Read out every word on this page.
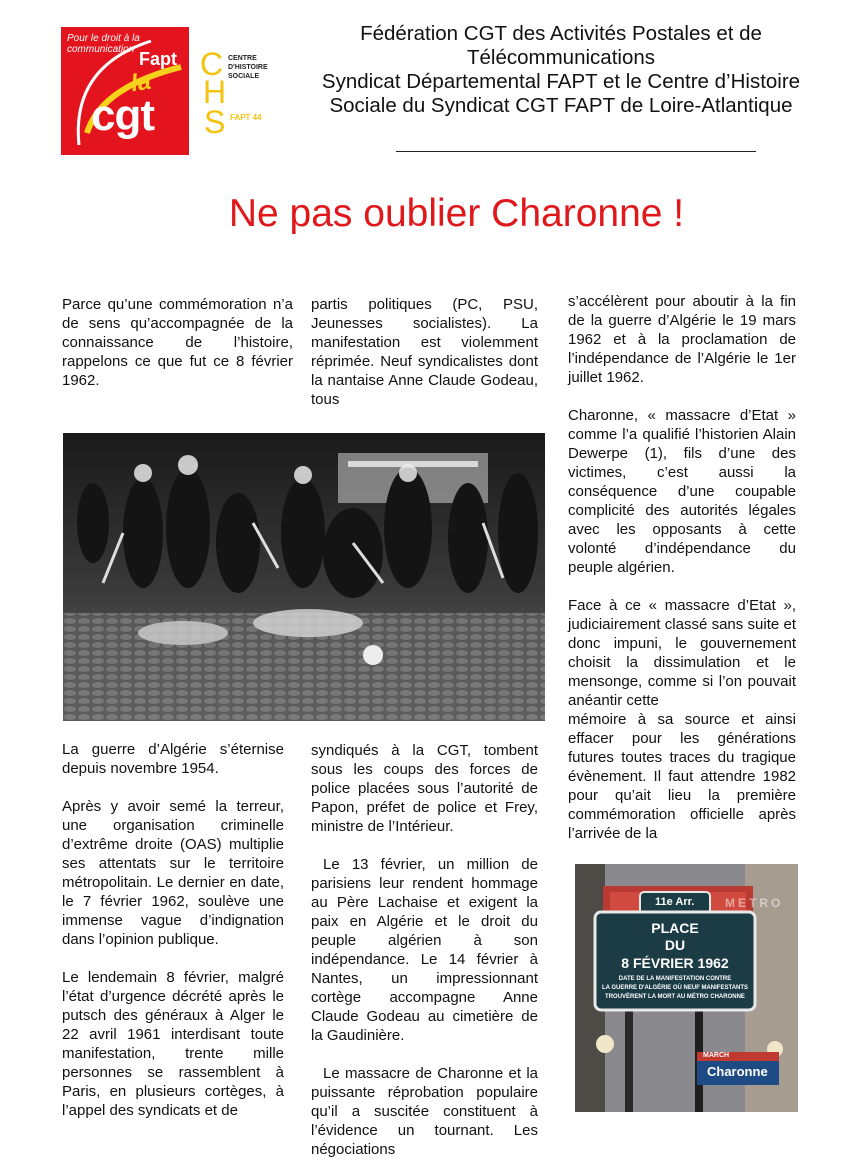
Pour le droit à la communication Fapt
la
cgt
C
H
S
CENTRE
D'HISTOIRE
SOCIALE
FAPT 44
Fédération CGT des Activités Postales et de
Télécommunications
Syndicat Départemental FAPT et le Centre d’Histoire
Sociale du Syndicat CGT FAPT de Loire-Atlantique
Ne pas oublier Charonne !

Parce qu’une commémoration n’a de sens qu’accompagnée de la connaissance de l’histoire, rappelons ce que fut ce 8 février 1962.

partis politiques (PC, PSU, Jeunesses socialistes). La manifestation est violemment réprimée. Neuf syndicalistes dont la nantaise Anne Claude Godeau, tous

s’accélèrent pour aboutir à la fin de la guerre d’Algérie le 19 mars 1962 et à la proclamation de l’indépendance de l’Algérie le 1er juillet 1962.

Charonne, « massacre d’Etat » comme l’a qualifié l’historien Alain Dewerpe (1), fils d’une des victimes, c’est aussi la conséquence d’une coupable complicité des autorités légales avec les opposants à cette volonté d’indépendance du peuple algérien.

Face à ce « massacre d’Etat », judiciairement classé sans suite et donc impuni, le gouvernement choisit la dissimulation et le mensonge, comme si l’on pouvait anéantir cette

mémoire à sa source et ainsi effacer pour les générations futures toutes traces du tragique évènement. Il faut attendre 1982 pour qu’ait lieu la première commémoration officielle après l’arrivée de la

La guerre d’Algérie s’éternise depuis novembre 1954.

Après y avoir semé la terreur, une organisation criminelle d’extrême droite (OAS) multiplie ses attentats sur le territoire métropolitain. Le dernier en date, le 7 février 1962, soulève une immense vague d’indignation dans l’opinion publique.

Le lendemain 8 février, malgré l’état d’urgence décrété après le putsch des généraux à Alger le 22 avril 1961 interdisant toute manifestation, trente mille personnes se rassemblent à Paris, en plusieurs cortèges, à l’appel des syndicats et de

syndiqués à la CGT, tombent sous les coups des forces de police placées sous l’autorité de Papon, préfet de police et Frey, ministre de l’Intérieur.

Le 13 février, un million de parisiens leur rendent hommage au Père Lachaise et exigent la paix en Algérie et le droit du peuple algérien à son indépendance. Le 14 février à Nantes, un impressionnant cortège accompagne Anne Claude Godeau au cimetière de la Gaudinière.

Le massacre de Charonne et la puissante réprobation populaire qu’il a suscitée constituent à l’évidence un tournant. Les négociations

11e Arr.	METRO
PLACE
DU
8 FÉVRIER 1962
DATE DE LA MANIFESTATION CONTRE
LA GUERRE D'ALGÉRIE OÙ NEUF MANIFESTANTS
TROUVÈRENT LA MORT AU MÉTRO CHARONNE
MARCH
Charonne
